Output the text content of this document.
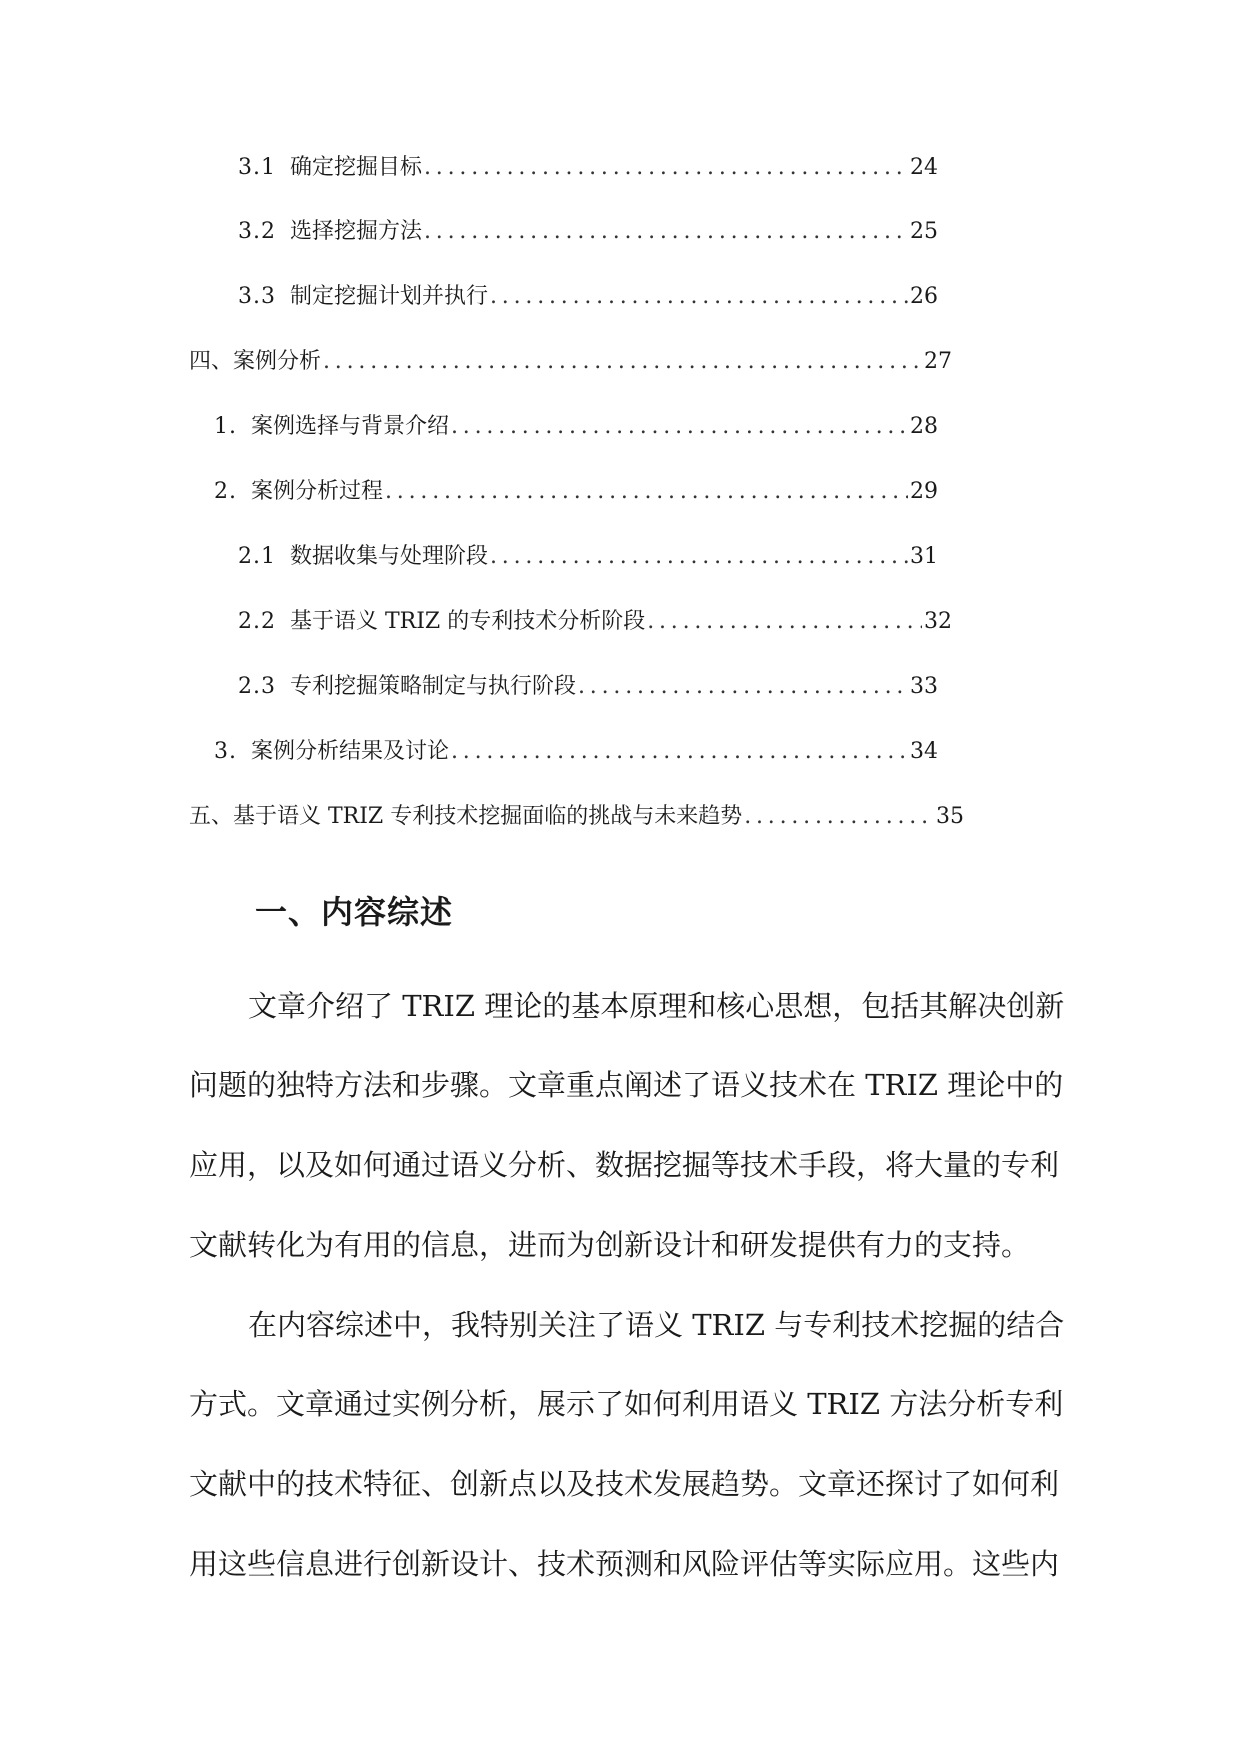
3.1 确定挖掘目标 .....	24
3.2 选择挖掘方法 .....	25
3.3 制定挖掘计划并执行 .....	26
四、案例分析 .....	27
1. 案例选择与背景介绍 .....	28
2. 案例分析过程 .....	29
2.1 数据收集与处理阶段 .....	31
2.2 基于语义 TRIZ 的专利技术分析阶段 .....	32
2.3 专利挖掘策略制定与执行阶段 .....	33
3. 案例分析结果及讨论 .....	34
五、基于语义 TRIZ 专利技术挖掘面临的挑战与未来趋势 .....	35
一、内容综述
文章介绍了 TRIZ 理论的基本原理和核心思想，包括其解决创新
问题的独特方法和步骤。文章重点阐述了语义技术在 TRIZ 理论中的
应用，以及如何通过语义分析、数据挖掘等技术手段，将大量的专利
文献转化为有用的信息，进而为创新设计和研发提供有力的支持。
在内容综述中，我特别关注了语义 TRIZ 与专利技术挖掘的结合
方式。文章通过实例分析，展示了如何利用语义 TRIZ 方法分析专利
文献中的技术特征、创新点以及技术发展趋势。文章还探讨了如何利
用这些信息进行创新设计、技术预测和风险评估等实际应用。这些内
